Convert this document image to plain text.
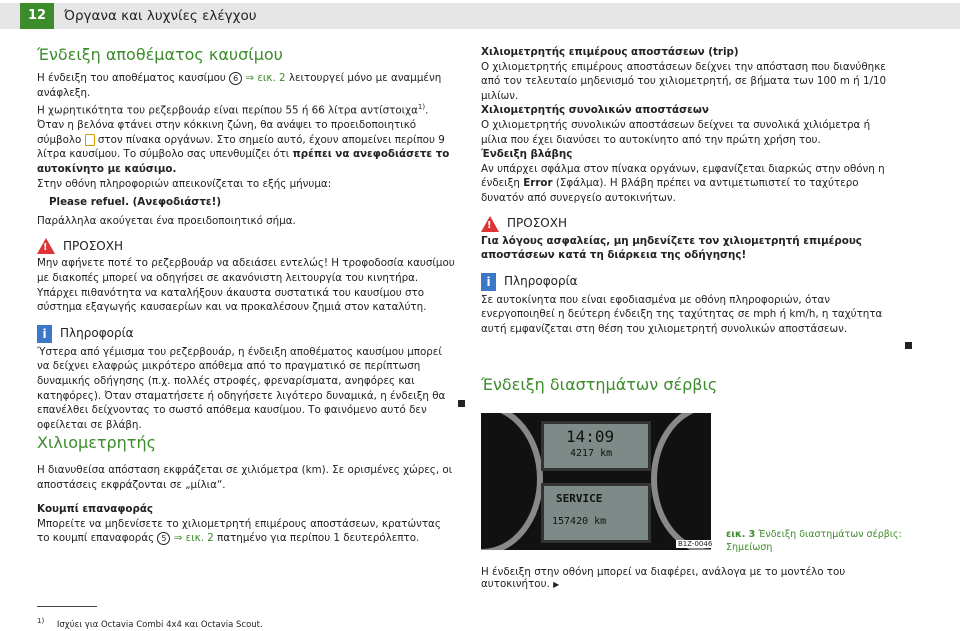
12	Όργανα και λυχνίες ελέγχου
Ένδειξη αποθέματος καυσίμου

Η ένδειξη του αποθέματος καυσίμου 6 ⇒ εικ. 2 λειτουργεί μόνο με αναμμένη ανάφλεξη.

Η χωρητικότητα του ρεζερβουάρ είναι περίπου 55 ή 66 λίτρα αντίστοιχα$^{1)}$. Όταν η βελόνα φτάνει στην κόκκινη ζώνη, θα ανάψει το προειδοποιητικό σύμβολο  στον πίνακα οργάνων. Στο σημείο αυτό, έχουν απομείνει περίπου 9 λίτρα καυσίμου. Το σύμβολο σας υπενθυμίζει ότι πρέπει να ανεφοδιάσετε το αυτοκίνητο με καύσιμο.

Στην οθόνη πληροφοριών απεικονίζεται το εξής μήνυμα:

Please refuel. (Ανεφοδιάστε!)

Παράλληλα ακούγεται ένα προειδοποιητικό σήμα.

! ΠΡΟΣΟΧΗ

Μην αφήνετε ποτέ το ρεζερβουάρ να αδειάσει εντελώς! Η τροφοδοσία καυσίμου με διακοπές μπορεί να οδηγήσει σε ακανόνιστη λειτουργία του κινητήρα. Υπάρχει πιθανότητα να καταλήξουν άκαυστα συστατικά του καυσίμου στο σύστημα εξαγωγής καυσαερίων και να προκαλέσουν ζημιά στον καταλύτη.

i	Πληροφορία

Ύστερα από γέμισμα του ρεζερβουάρ, η ένδειξη αποθέματος καυσίμου μπορεί να δείχνει ελαφρώς μικρότερο απόθεμα από το πραγματικό σε περίπτωση δυναμικής οδήγησης (π.χ. πολλές στροφές, φρεναρίσματα, ανηφόρες και κατηφόρες). Όταν σταματήσετε ή οδηγήσετε λιγότερο δυναμικά, η ένδειξη θα επανέλθει δείχνοντας το σωστό απόθεμα καυσίμου. Το φαινόμενο αυτό δεν οφείλεται σε βλάβη.

Χιλιομετρητής

Η διανυθείσα απόσταση εκφράζεται σε χιλιόμετρα (km). Σε ορισμένες χώρες, οι αποστάσεις εκφράζονται σε „μίλια“.

Κουμπί επαναφοράς

Μπορείτε να μηδενίσετε το χιλιομετρητή επιμέρους αποστάσεων, κρατώντας το κουμπί επαναφοράς 5 ⇒ εικ. 2 πατημένο για περίπου 1 δευτερόλεπτο.

Χιλιομετρητής επιμέρους αποστάσεων (trip)

Ο χιλιομετρητής επιμέρους αποστάσεων δείχνει την απόσταση που διανύθηκε από τον τελευταίο μηδενισμό του χιλιομετρητή, σε βήματα των 100 m ή 1/10 μιλίων.

Χιλιομετρητής συνολικών αποστάσεων

Ο χιλιομετρητής συνολικών αποστάσεων δείχνει τα συνολικά χιλιόμετρα ή μίλια που έχει διανύσει το αυτοκίνητο από την πρώτη χρήση του.

Ένδειξη βλάβης

Αν υπάρχει σφάλμα στον πίνακα οργάνων, εμφανίζεται διαρκώς στην οθόνη η ένδειξη Error (Σφάλμα). Η βλάβη πρέπει να αντιμετωπιστεί το ταχύτερο δυνατόν από συνεργείο αυτοκινήτων.

! ΠΡΟΣΟΧΗ

Για λόγους ασφαλείας, μη μηδενίζετε τον χιλιομετρητή επιμέρους αποστάσεων κατά τη διάρκεια της οδήγησης!

i	Πληροφορία

Σε αυτοκίνητα που είναι εφοδιασμένα με οθόνη πληροφοριών, όταν ενεργοποιηθεί η δεύτερη ένδειξη της ταχύτητας σε mph ή km/h, η ταχύτητα αυτή εμφανίζεται στη θέση του χιλιομετρητή συνολικών αποστάσεων.

Ένδειξη διαστημάτων σέρβις
14:09
4217 km
SERVICE
157420 km
B1Z-0046
εικ. 3 Ένδειξη διαστημάτων σέρβις: Σημείωση
Η ένδειξη στην οθόνη μπορεί να διαφέρει, ανάλογα με το μοντέλο του αυτοκινήτου. ▶
$^{1)}$ Ισχύει για Octavia Combi 4x4 και Octavia Scout.
